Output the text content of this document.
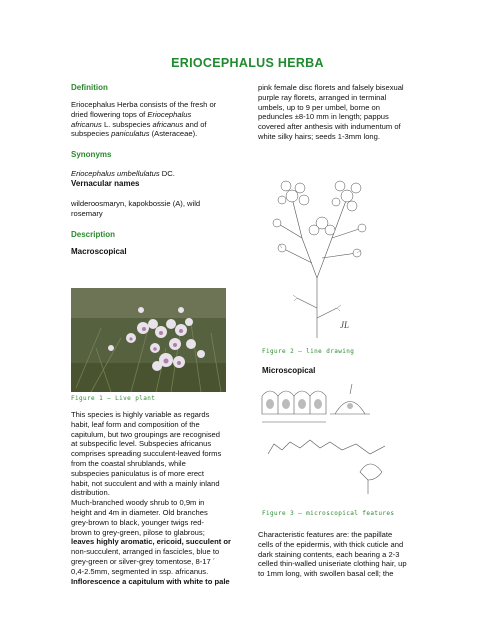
ERIOCEPHALUS HERBA
Definition
Eriocephalus Herba consists of the fresh or
dried flowering tops of Eriocephalus
africanus L. subspecies africanus and of
subspecies paniculatus (Asteraceae).
Synonyms
Eriocephalus umbellulatus DC.
Vernacular names
wilderoosmaryn, kapokbossie (A), wild
rosemary
Description
Macroscopical
Figure 1 – Live plant
This species is highly variable as regards
habit, leaf form and composition of the
capitulum, but two groupings are recognised
at subspecific level. Subspecies africanus
comprises spreading succulent-leaved forms
from the coastal shrublands, while
subspecies paniculatus is of more erect
habit, not succulent and with a mainly inland
distribution.
Much-branched woody shrub to 0,9m in
height and 4m in diameter. Old branches
grey-brown to black, younger twigs red-
brown to grey-green, pilose to glabrous;
leaves highly aromatic, ericoid, succulent or
non-succulent, arranged in fascicles, blue to
grey-green or silver-grey tomentose, 8-17 ´
0,4-2.5mm, segmented in ssp. africanus.
Inflorescence a capitulum with white to pale
pink female disc florets and falsely bisexual
purple ray florets, arranged in terminal
umbels, up to 9 per umbel, borne on
peduncles ±8-10 mm in length; pappus
covered after anthesis with indumentum of
white silky hairs; seeds 1-3mm long.
JL
Figure 2 – line drawing
Microscopical
Figure 3 – microscopical features
Characteristic features are: the papillate
cells of the epidermis, with thick cuticle and
dark staining contents, each bearing a 2-3
celled thin-walled uniseriate clothing hair, up
to 1mm long, with swollen basal cell; the
